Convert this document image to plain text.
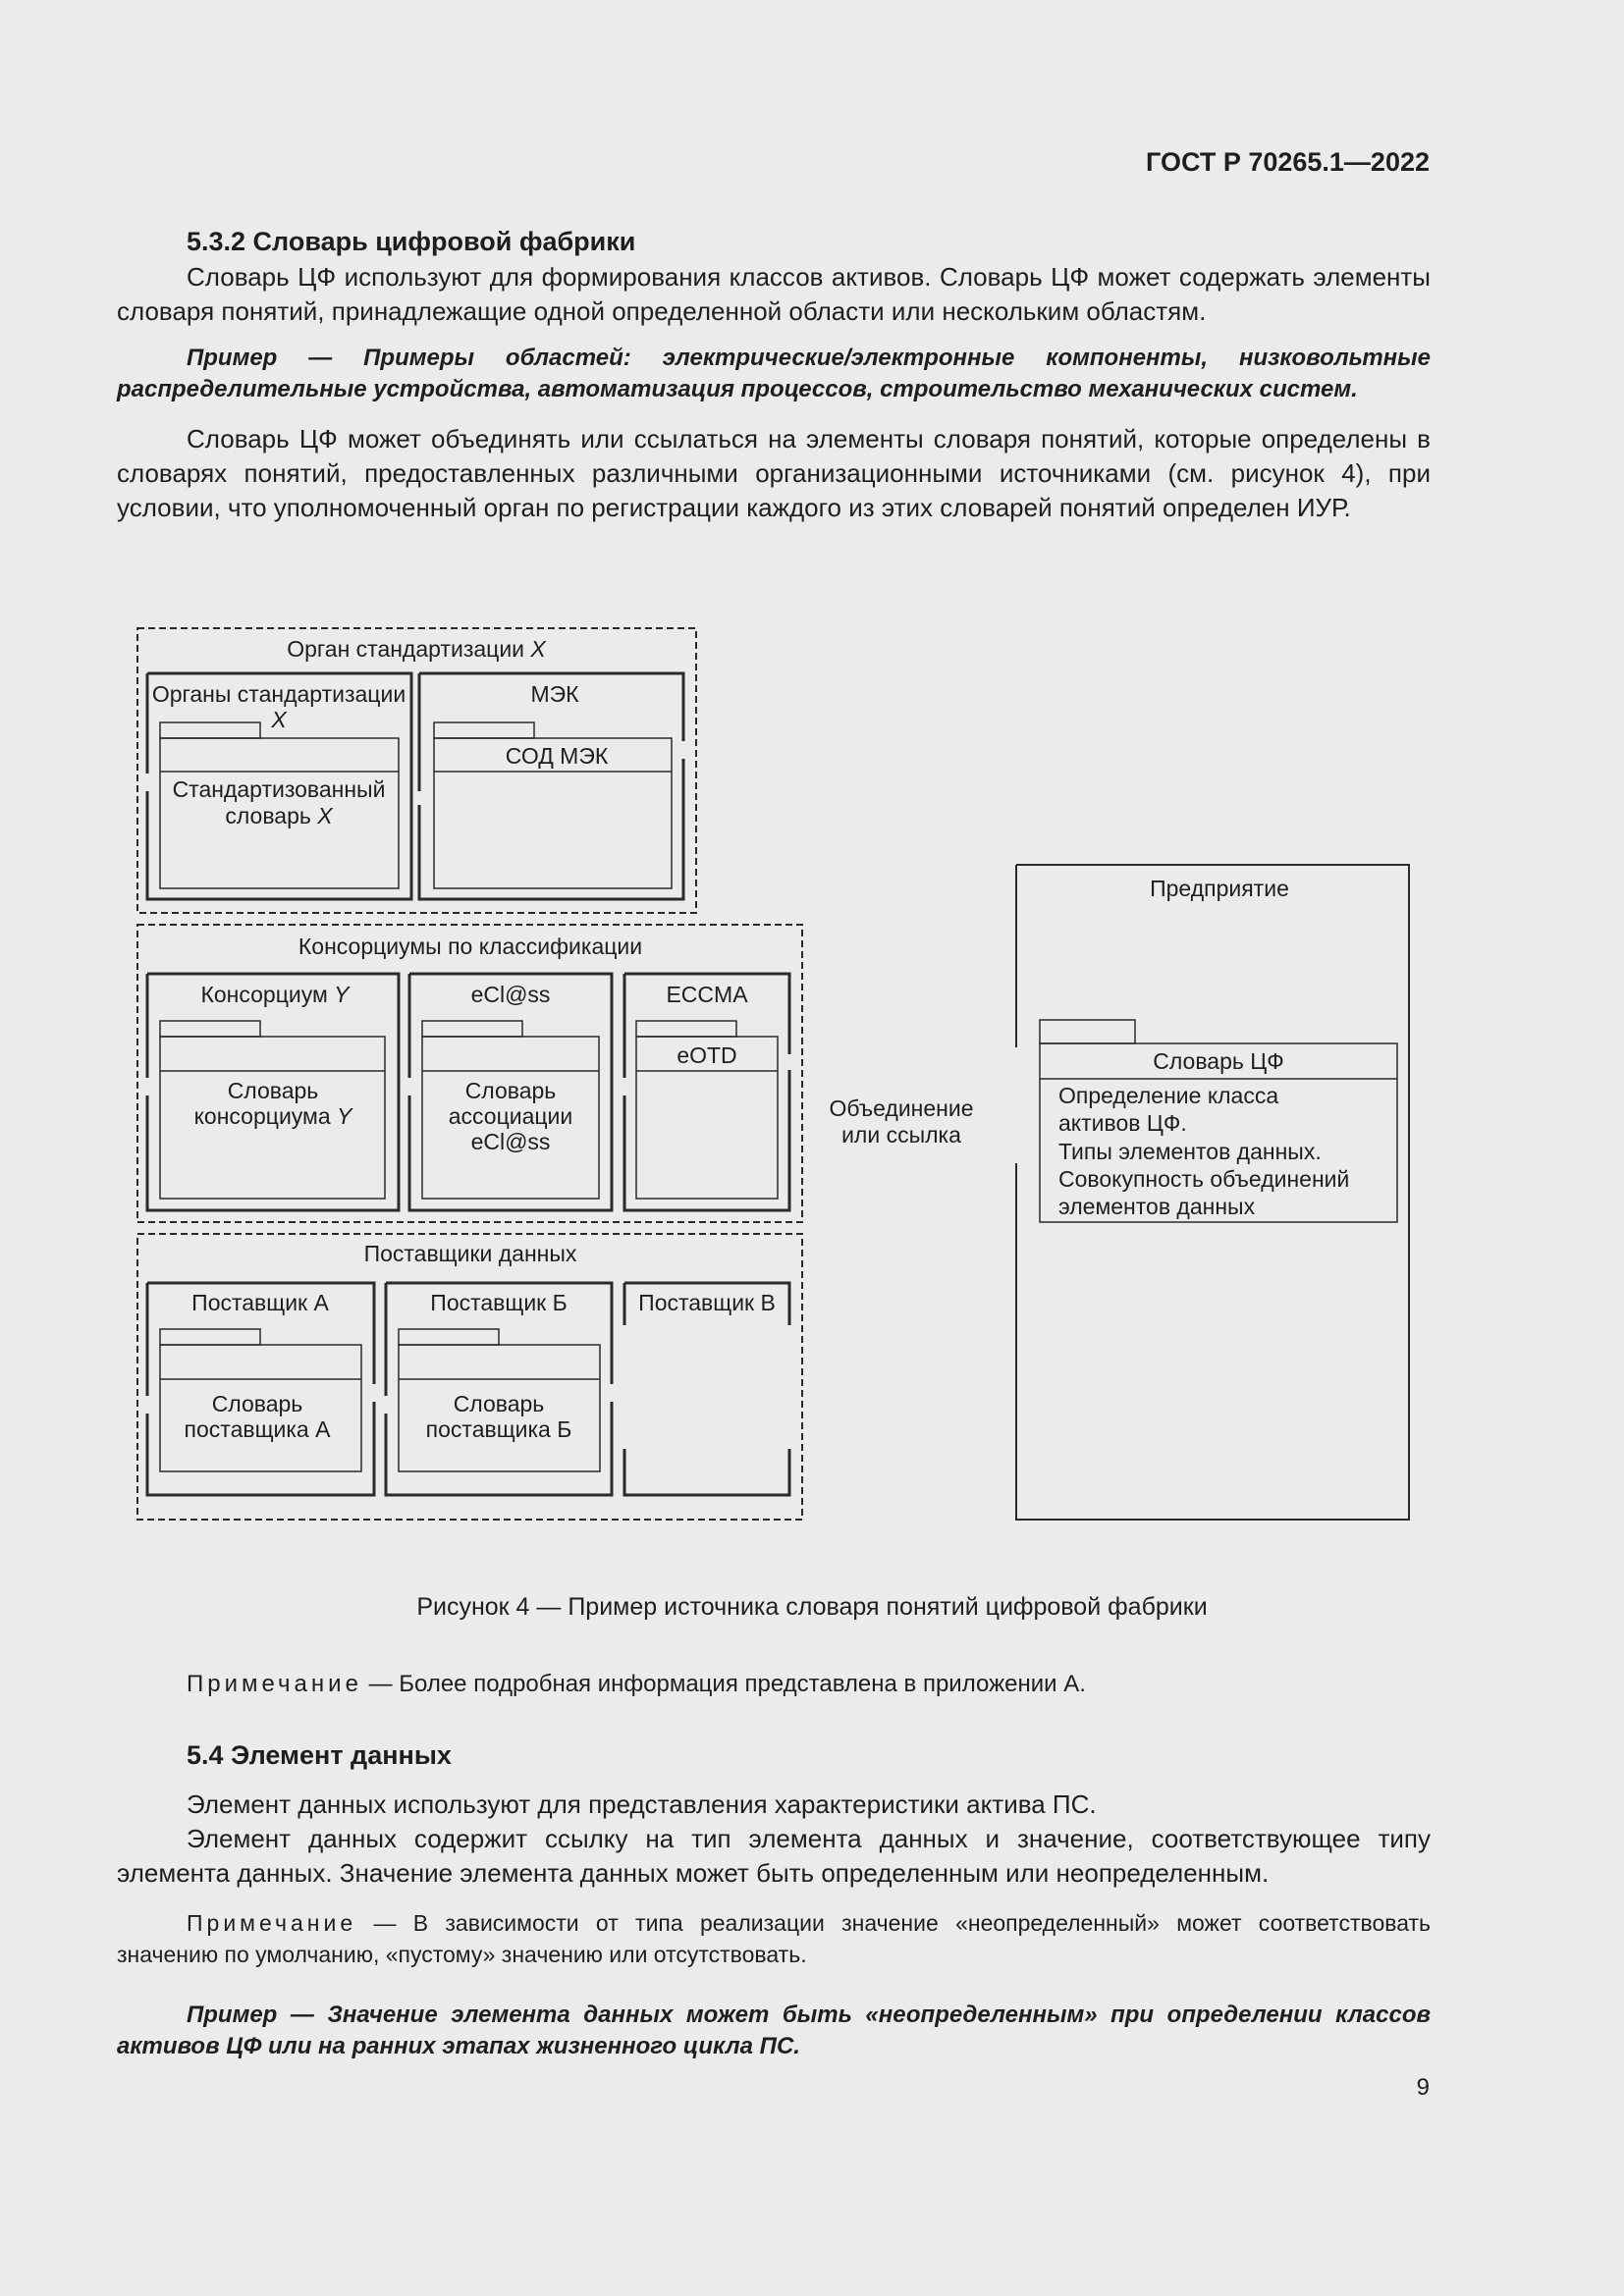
ГОСТ Р 70265.1—2022
5.3.2 Словарь цифровой фабрики
Словарь ЦФ используют для формирования классов активов. Словарь ЦФ может содержать элементы словаря понятий, принадлежащие одной определенной области или нескольким областям.
Пример — Примеры областей: электрические/электронные компоненты, низковольтные распределительные устройства, автоматизация процессов, строительство механических систем.
Словарь ЦФ может объединять или ссылаться на элементы словаря понятий, которые определены в словарях понятий, предоставленных различными организационными источниками (см. рисунок 4), при условии, что уполномоченный орган по регистрации каждого из этих словарей понятий определен ИУР.
Орган стандартизации X
Органы стандартизации
X
Стандартизованный
словарь X
МЭК
СОД МЭК
Консорциумы по классификации
Консорциум Y
Словарь
консорциума Y
eCl@ss
Словарь
ассоциации
eCl@ss
ECCMA
eOTD
Поставщики данных
Поставщик А
Словарь
поставщика А
Поставщик Б
Словарь
поставщика Б
Поставщик В
Объединение
или ссылка
Предприятие
Словарь ЦФ
Определение класса
активов ЦФ.
Типы элементов данных.
Совокупность объединений
элементов данных
Рисунок 4 — Пример источника словаря понятий цифровой фабрики
Примечание — Более подробная информация представлена в приложении А.
5.4 Элемент данных
Элемент данных используют для представления характеристики актива ПС.
Элемент данных содержит ссылку на тип элемента данных и значение, соответствующее типу элемента данных. Значение элемента данных может быть определенным или неопределенным.
Примечание — В зависимости от типа реализации значение «неопределенный» может соответствовать значению по умолчанию, «пустому» значению или отсутствовать.
Пример — Значение элемента данных может быть «неопределенным» при определении классов активов ЦФ или на ранних этапах жизненного цикла ПС.
9
